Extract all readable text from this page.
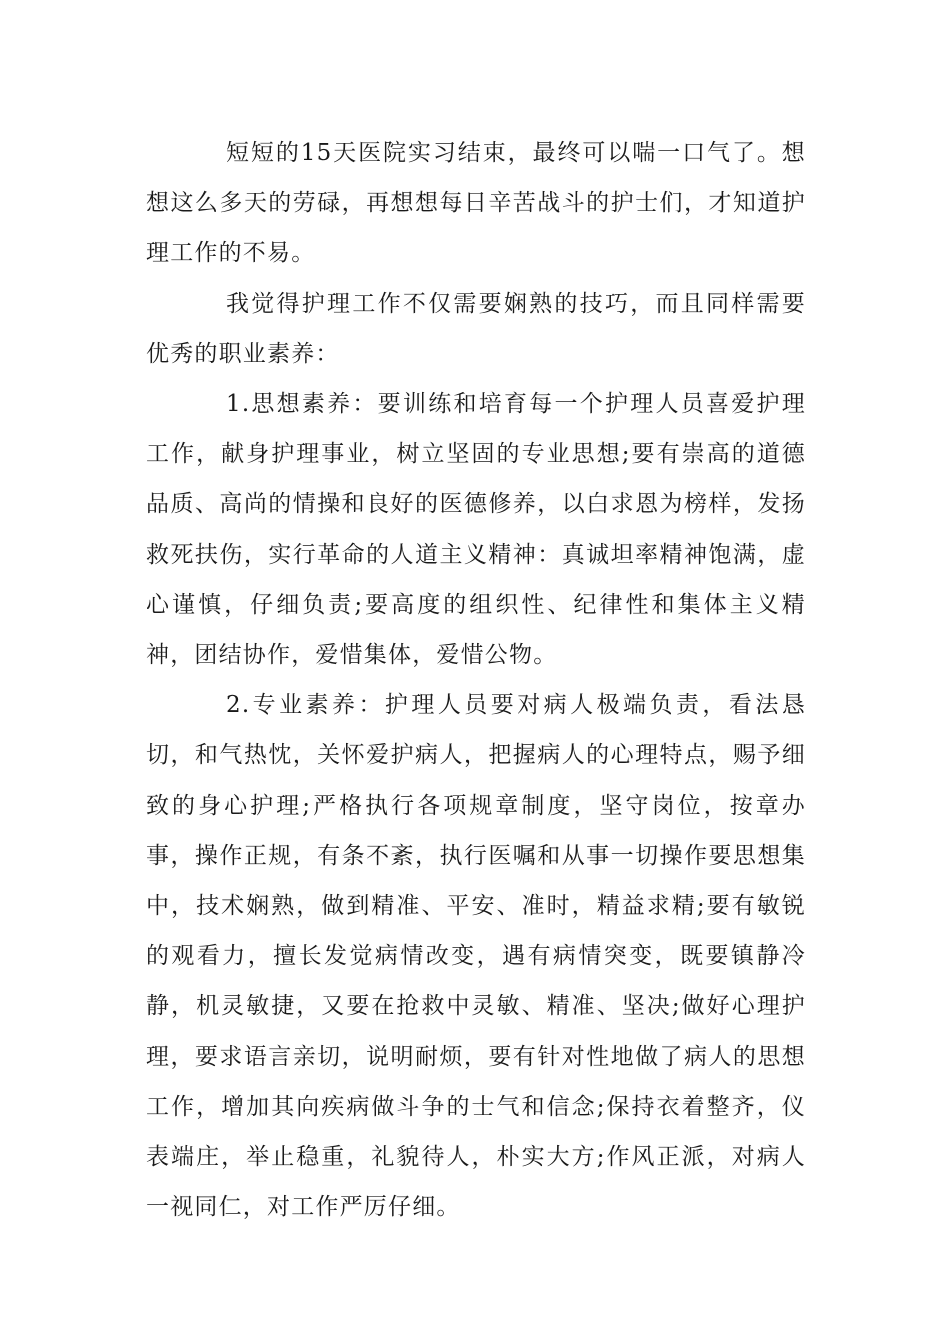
短短的15天医院实习结束，最终可以喘一口气了。想想这么多天的劳碌，再想想每日辛苦战斗的护士们，才知道护理工作的不易。

我觉得护理工作不仅需要娴熟的技巧，而且同样需要优秀的职业素养：

1.思想素养：要训练和培育每一个护理人员喜爱护理工作，献身护理事业，树立坚固的专业思想;要有崇高的道德品质、高尚的情操和良好的医德修养，以白求恩为榜样，发扬救死扶伤，实行革命的人道主义精神：真诚坦率精神饱满，虚心谨慎，仔细负责;要高度的组织性、纪律性和集体主义精神，团结协作，爱惜集体，爱惜公物。

2.专业素养：护理人员要对病人极端负责，看法恳切，和气热忱，关怀爱护病人，把握病人的心理特点，赐予细致的身心护理;严格执行各项规章制度，坚守岗位，按章办事，操作正规，有条不紊，执行医嘱和从事一切操作要思想集中，技术娴熟，做到精准、平安、准时，精益求精;要有敏锐的观看力，擅长发觉病情改变，遇有病情突变，既要镇静冷静，机灵敏捷，又要在抢救中灵敏、精准、坚决;做好心理护理，要求语言亲切，说明耐烦，要有针对性地做了病人的思想工作，增加其向疾病做斗争的士气和信念;保持衣着整齐，仪表端庄，举止稳重，礼貌待人，朴实大方;作风正派，对病人一视同仁，对工作严厉仔细。
